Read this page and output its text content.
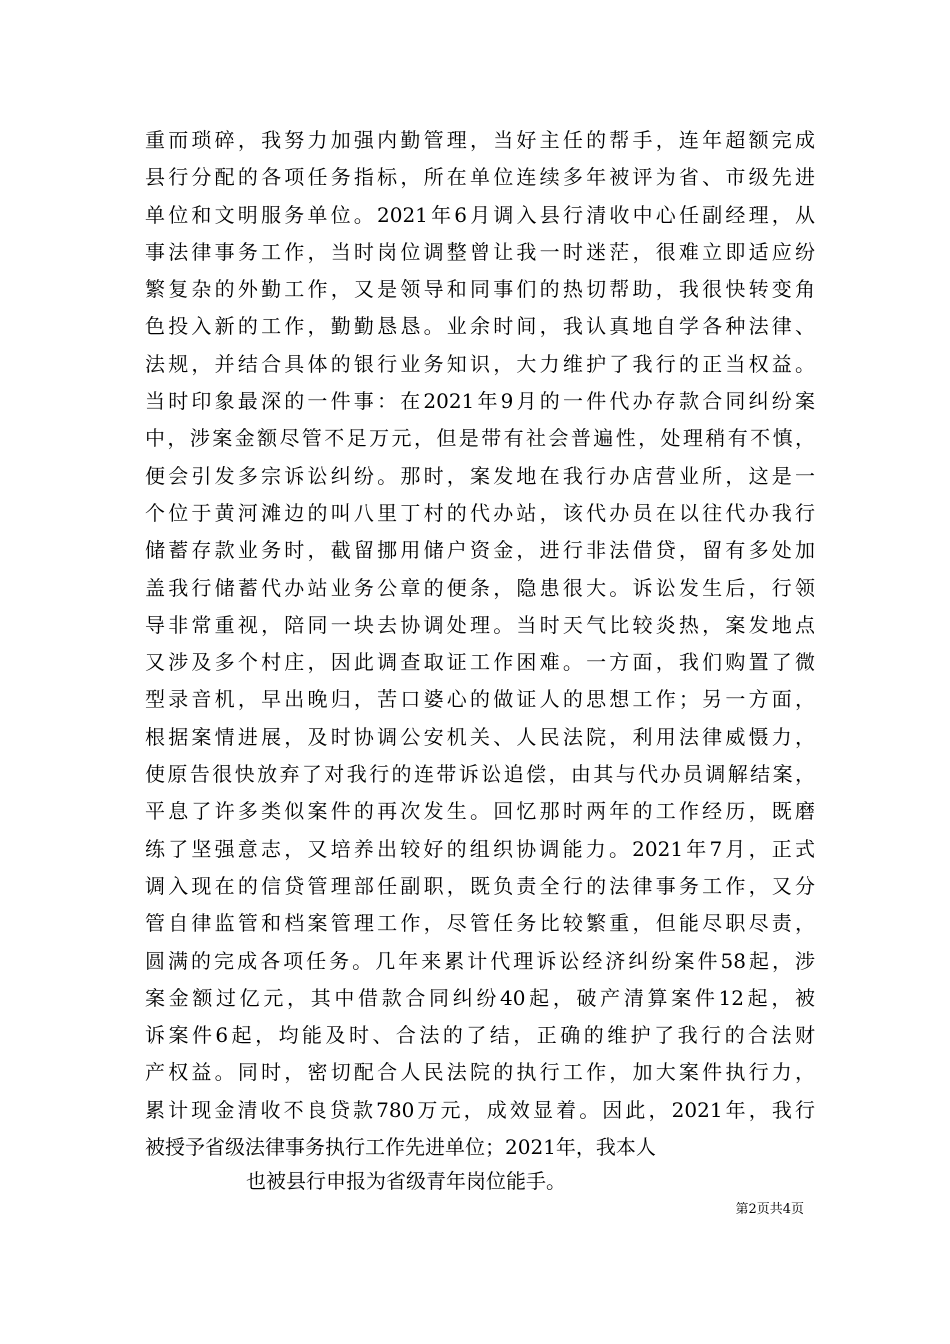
重而琐碎，我努力加强内勤管理，当好主任的帮手，连年超额完成
县行分配的各项任务指标，所在单位连续多年被评为省、市级先进
单位和文明服务单位。2021年6月调入县行清收中心任副经理，从
事法律事务工作，当时岗位调整曾让我一时迷茫，很难立即适应纷
繁复杂的外勤工作，又是领导和同事们的热切帮助，我很快转变角
色投入新的工作，勤勤恳恳。业余时间，我认真地自学各种法律、
法规，并结合具体的银行业务知识，大力维护了我行的正当权益。
当时印象最深的一件事：在2021年9月的一件代办存款合同纠纷案
中，涉案金额尽管不足万元，但是带有社会普遍性，处理稍有不慎，
便会引发多宗诉讼纠纷。那时，案发地在我行办店营业所，这是一
个位于黄河滩边的叫八里丁村的代办站，该代办员在以往代办我行
储蓄存款业务时，截留挪用储户资金，进行非法借贷，留有多处加
盖我行储蓄代办站业务公章的便条，隐患很大。诉讼发生后，行领
导非常重视，陪同一块去协调处理。当时天气比较炎热，案发地点
又涉及多个村庄，因此调查取证工作困难。一方面，我们购置了微
型录音机，早出晚归，苦口婆心的做证人的思想工作；另一方面，
根据案情进展，及时协调公安机关、人民法院，利用法律威慑力，
使原告很快放弃了对我行的连带诉讼追偿，由其与代办员调解结案，
平息了许多类似案件的再次发生。回忆那时两年的工作经历，既磨
练了坚强意志，又培养出较好的组织协调能力。2021年7月，正式
调入现在的信贷管理部任副职，既负责全行的法律事务工作，又分
管自律监管和档案管理工作，尽管任务比较繁重，但能尽职尽责，
圆满的完成各项任务。几年来累计代理诉讼经济纠纷案件58起，涉
案金额过亿元，其中借款合同纠纷40起，破产清算案件12起，被
诉案件6起，均能及时、合法的了结，正确的维护了我行的合法财
产权益。同时，密切配合人民法院的执行工作，加大案件执行力，
累计现金清收不良贷款780万元，成效显着。因此，2021年，我行
被授予省级法律事务执行工作先进单位；2021年，我本人
也被县行申报为省级青年岗位能手。
第2页共4页
